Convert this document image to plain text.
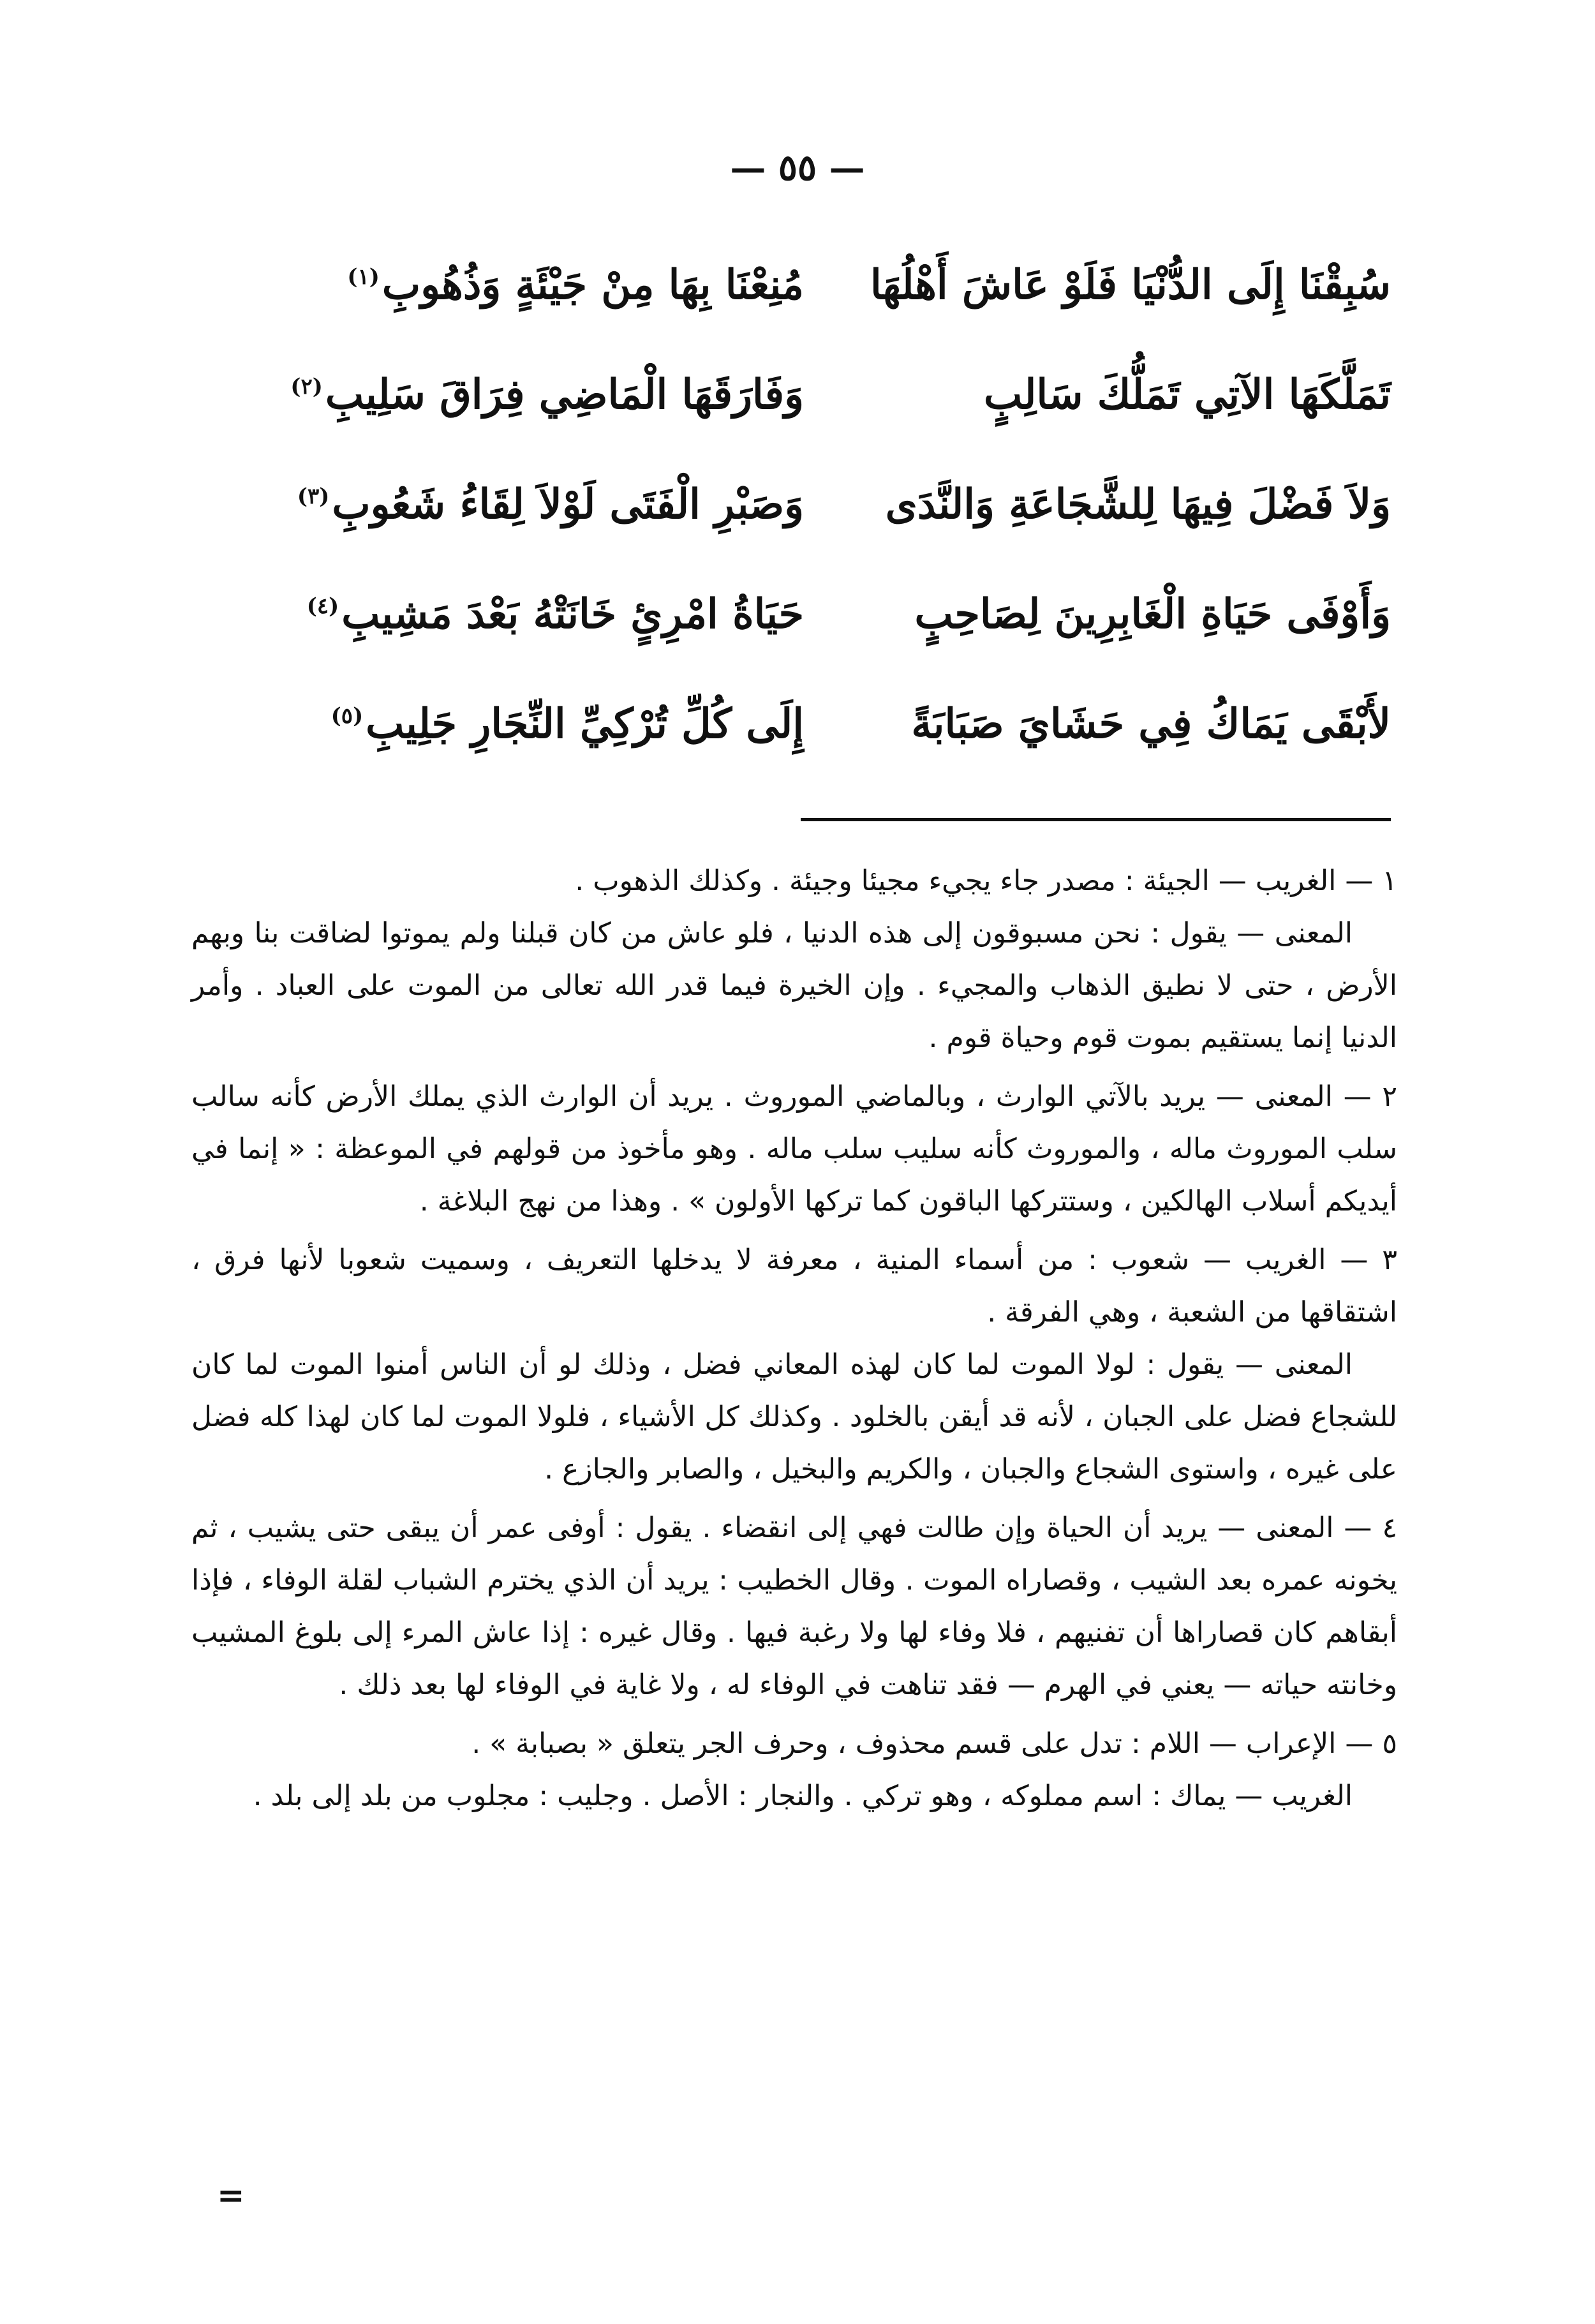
— ٥٥ —
سُبِقْنَا إِلَى الدُّنْيَا فَلَوْ عَاشَ أَهْلُهَا
مُنِعْنَا بِهَا مِنْ جَيْئَةٍ وَذُهُوبِ$^{(١)}$
تَمَلَّكَهَا الآتِي تَمَلُّكَ سَالِبٍ
وَفَارَقَهَا الْمَاضِي فِرَاقَ سَلِيبِ$^{(٢)}$
وَلاَ فَضْلَ فِيهَا لِلشَّجَاعَةِ وَالنَّدَى
وَصَبْرِ الْفَتَى لَوْلاَ لِقَاءُ شَعُوبِ$^{(٣)}$
وَأَوْفَى حَيَاةِ الْغَابِرِينَ لِصَاحِبٍ
حَيَاةُ امْرِئٍ خَانَتْهُ بَعْدَ مَشِيبِ$^{(٤)}$
لأَبْقَى يَمَاكُ فِي حَشَايَ صَبَابَةً
إِلَى كُلِّ تُرْكِيِّ النِّجَارِ جَلِيبِ$^{(٥)}$

١ — الغريب — الجيئة : مصدر جاء يجيء مجيئا وجيئة . وكذلك الذهوب .

المعنى — يقول : نحن مسبوقون إلى هذه الدنيا ، فلو عاش من كان قبلنا ولم يموتوا لضاقت بنا وبهم الأرض ، حتى لا نطيق الذهاب والمجيء . وإن الخيرة فيما قدر الله تعالى من الموت على العباد . وأمر الدنيا إنما يستقيم بموت قوم وحياة قوم .

٢ — المعنى — يريد بالآتي الوارث ، وبالماضي الموروث . يريد أن الوارث الذي يملك الأرض كأنه سالب سلب الموروث ماله ، والموروث كأنه سليب سلب ماله . وهو مأخوذ من قولهم في الموعظة : « إنما في أيديكم أسلاب الهالكين ، وستتركها الباقون كما تركها الأولون » . وهذا من نهج البلاغة .

٣ — الغريب — شعوب : من أسماء المنية ، معرفة لا يدخلها التعريف ، وسميت شعوبا لأنها فرق ، اشتقاقها من الشعبة ، وهي الفرقة .

المعنى — يقول : لولا الموت لما كان لهذه المعاني فضل ، وذلك لو أن الناس أمنوا الموت لما كان للشجاع فضل على الجبان ، لأنه قد أيقن بالخلود . وكذلك كل الأشياء ، فلولا الموت لما كان لهذا كله فضل على غيره ، واستوى الشجاع والجبان ، والكريم والبخيل ، والصابر والجازع .

٤ — المعنى — يريد أن الحياة وإن طالت فهي إلى انقضاء . يقول : أوفى عمر أن يبقى حتى يشيب ، ثم يخونه عمره بعد الشيب ، وقصاراه الموت . وقال الخطيب : يريد أن الذي يخترم الشباب لقلة الوفاء ، فإذا أبقاهم كان قصاراها أن تفنيهم ، فلا وفاء لها ولا رغبة فيها . وقال غيره : إذا عاش المرء إلى بلوغ المشيب وخانته حياته — يعني في الهرم — فقد تناهت في الوفاء له ، ولا غاية في الوفاء لها بعد ذلك .

٥ — الإعراب — اللام : تدل على قسم محذوف ، وحرف الجر يتعلق « بصبابة » .

الغريب — يماك : اسم مملوكه ، وهو تركي . والنجار : الأصل . وجليب : مجلوب من بلد إلى بلد .

=
